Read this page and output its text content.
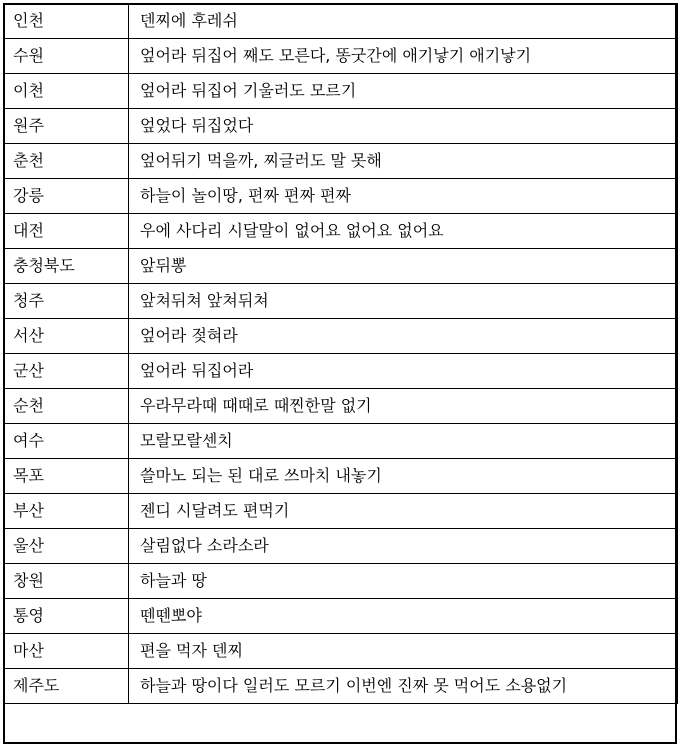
인천	덴찌에 후레쉬
수원	엎어라 뒤집어 째도 모른다, 똥굿간에 애기낳기 애기낳기
이천	엎어라 뒤집어 기울러도 모르기
원주	엎었다 뒤집었다
춘천	엎어뒤기 먹을까, 찌글러도 말 못해
강릉	하늘이 놀이땅, 편짜 편짜 편짜
대전	우에 사다리 시달말이 없어요 없어요 없어요
충청북도	앞뒤뽕
청주	앞쳐뒤쳐 앞쳐뒤쳐
서산	엎어라 젖혀라
군산	엎어라 뒤집어라
순천	우라무라때 때때로 때찐한말 없기
여수	모랄모랄센치
목포	쓸마노 되는 된 대로 쓰마치 내놓기
부산	젠디 시달려도 편먹기
울산	살림없다 소라소라
창원	하늘과 땅
통영	뗀뗀뽀야
마산	편을 먹자 덴찌
제주도	하늘과 땅이다 일러도 모르기 이번엔 진짜 못 먹어도 소용없기
